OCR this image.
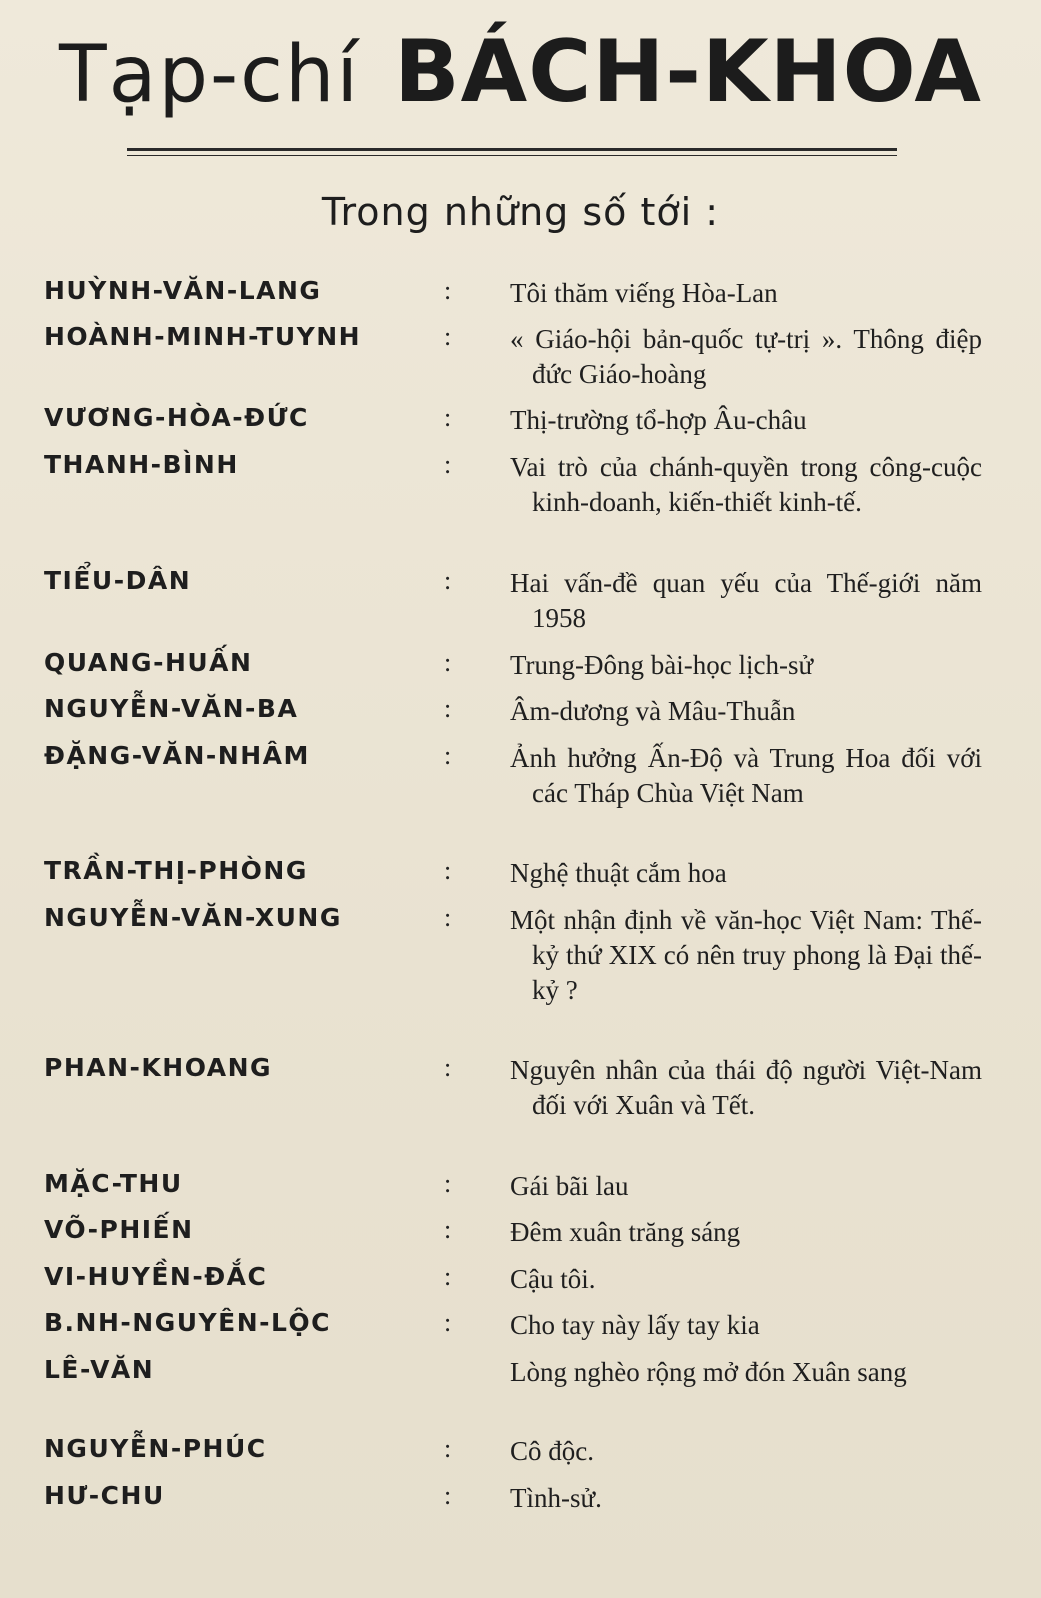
Tạp-chí BÁCH-KHOA
Trong những số tới :
HUỲNH-VĂN-LANG	: Tôi thăm viếng Hòa-Lan
HOÀNH-MINH-TUYNH	: « Giáo-hội bản-quốc tự-trị ». Thông điệp đức Giáo-hoàng
VƯƠNG-HÒA-ĐỨC	: Thị-trường tổ-hợp Âu-châu
THANH-BÌNH	: Vai trò của chánh-quyền trong công-cuộc kinh-doanh, kiến-thiết kinh-tế.
TIỂU-DÂN	: Hai vấn-đề quan yếu của Thế-giới năm 1958
QUANG-HUẤN	: Trung-Đông bài-học lịch-sử
NGUYỄN-VĂN-BA	: Âm-dương và Mâu-Thuẫn
ĐẶNG-VĂN-NHÂM	: Ảnh hưởng Ấn-Độ và Trung Hoa đối với các Tháp Chùa Việt Nam
TRẦN-THỊ-PHÒNG	: Nghệ thuật cắm hoa
NGUYỄN-VĂN-XUNG	: Một nhận định về văn-học Việt Nam: Thế-kỷ thứ XIX có nên truy phong là Đại thế-kỷ ?
PHAN-KHOANG	: Nguyên nhân của thái độ người Việt-Nam đối với Xuân và Tết.
MẶC-THU	: Gái bãi lau
VÕ-PHIẾN	: Đêm xuân trăng sáng
VI-HUYỀN-ĐẮC	: Cậu tôi.
B.NH-NGUYÊN-LỘC	: Cho tay này lấy tay kia
LÊ-VĂN	Lòng nghèo rộng mở đón Xuân sang
NGUYỄN-PHÚC	: Cô độc.
HƯ-CHU	: Tình-sử.
